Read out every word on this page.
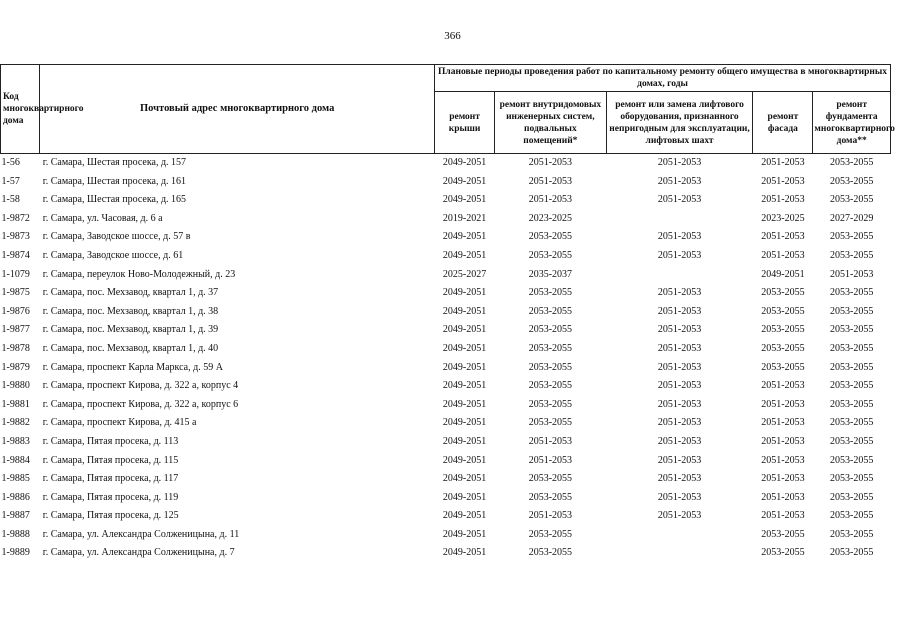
366
Код многоквартирного дома	Почтовый адрес многоквартирного дома	Плановые периоды проведения работ по капитальному ремонту общего имущества в многоквартирных домах, годы				
		ремонт крыши	ремонт внутридомовых инженерных систем, подвальных помещений*	ремонт или замена лифтового оборудования, признанного непригодным для эксплуатации, лифтовых шахт	ремонт фасада	ремонт фундамента многоквартирного дома**
1-56	г. Самара, Шестая просека, д. 157	2049-2051	2051-2053	2051-2053	2051-2053	2053-2055
1-57	г. Самара, Шестая просека, д. 161	2049-2051	2051-2053	2051-2053	2051-2053	2053-2055
1-58	г. Самара, Шестая просека, д. 165	2049-2051	2051-2053	2051-2053	2051-2053	2053-2055
1-9872	г. Самара, ул. Часовая, д. 6 а	2019-2021	2023-2025		2023-2025	2027-2029
1-9873	г. Самара, Заводское шоссе, д. 57 в	2049-2051	2053-2055	2051-2053	2051-2053	2053-2055
1-9874	г. Самара, Заводское шоссе, д. 61	2049-2051	2053-2055	2051-2053	2051-2053	2053-2055
1-1079	г. Самара, переулок Ново-Молодежный, д. 23	2025-2027	2035-2037		2049-2051	2051-2053
1-9875	г. Самара, пос. Мехзавод, квартал 1, д. 37	2049-2051	2053-2055	2051-2053	2053-2055	2053-2055
1-9876	г. Самара, пос. Мехзавод, квартал 1, д. 38	2049-2051	2053-2055	2051-2053	2053-2055	2053-2055
1-9877	г. Самара, пос. Мехзавод, квартал 1, д. 39	2049-2051	2053-2055	2051-2053	2053-2055	2053-2055
1-9878	г. Самара, пос. Мехзавод, квартал 1, д. 40	2049-2051	2053-2055	2051-2053	2053-2055	2053-2055
1-9879	г. Самара, проспект Карла Маркса, д. 59 А	2049-2051	2053-2055	2051-2053	2053-2055	2053-2055
1-9880	г. Самара, проспект Кирова, д. 322 а, корпус 4	2049-2051	2053-2055	2051-2053	2051-2053	2053-2055
1-9881	г. Самара, проспект Кирова, д. 322 а, корпус 6	2049-2051	2053-2055	2051-2053	2051-2053	2053-2055
1-9882	г. Самара, проспект Кирова, д. 415 а	2049-2051	2053-2055	2051-2053	2051-2053	2053-2055
1-9883	г. Самара, Пятая просека, д. 113	2049-2051	2051-2053	2051-2053	2051-2053	2053-2055
1-9884	г. Самара, Пятая просека, д. 115	2049-2051	2051-2053	2051-2053	2051-2053	2053-2055
1-9885	г. Самара, Пятая просека, д. 117	2049-2051	2053-2055	2051-2053	2051-2053	2053-2055
1-9886	г. Самара, Пятая просека, д. 119	2049-2051	2053-2055	2051-2053	2051-2053	2053-2055
1-9887	г. Самара, Пятая просека, д. 125	2049-2051	2051-2053	2051-2053	2051-2053	2053-2055
1-9888	г. Самара, ул. Александра Солженицына, д. 11	2049-2051	2053-2055		2053-2055	2053-2055
1-9889	г. Самара, ул. Александра Солженицына, д. 7	2049-2051	2053-2055		2053-2055	2053-2055
